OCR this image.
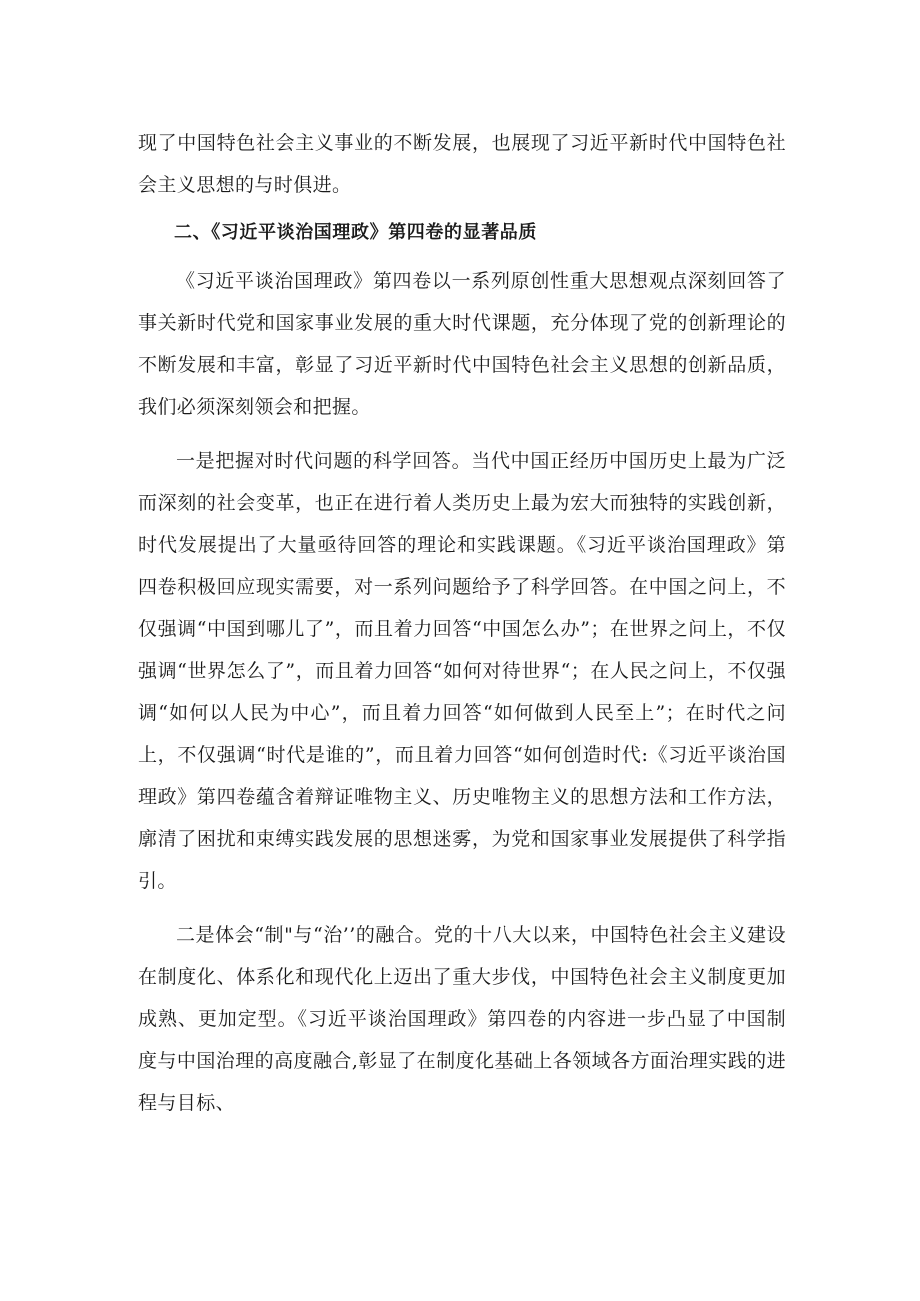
现了中国特色社会主义事业的不断发展，也展现了习近平新时代中国特色社会主义思想的与时俱进。

二、《习近平谈治国理政》第四卷的显著品质

《习近平谈治国理政》第四卷以一系列原创性重大思想观点深刻回答了事关新时代党和国家事业发展的重大时代课题，充分体现了党的创新理论的不断发展和丰富，彰显了习近平新时代中国特色社会主义思想的创新品质，我们必须深刻领会和把握。

一是把握对时代问题的科学回答。当代中国正经历中国历史上最为广泛而深刻的社会变革，也正在进行着人类历史上最为宏大而独特的实践创新，时代发展提出了大量亟待回答的理论和实践课题。《习近平谈治国理政》第四卷积极回应现实需要，对一系列问题给予了科学回答。在中国之问上，不仅强调“中国到哪儿了”，而且着力回答“中国怎么办”；在世界之问上，不仅强调“世界怎么了”，而且着力回答“如何对待世界“；在人民之问上，不仅强调“如何以人民为中心”，而且着力回答“如何做到人民至上”；在时代之问上，不仅强调“时代是谁的”，而且着力回答“如何创造时代:《习近平谈治国理政》第四卷蕴含着辩证唯物主义、历史唯物主义的思想方法和工作方法，廓清了困扰和束缚实践发展的思想迷雾，为党和国家事业发展提供了科学指引。

二是体会“制"与“治’’的融合。党的十八大以来，中国特色社会主义建设在制度化、体系化和现代化上迈出了重大步伐，中国特色社会主义制度更加成熟、更加定型。《习近平谈治国理政》第四卷的内容进一步凸显了中国制度与中国治理的高度融合,彰显了在制度化基础上各领域各方面治理实践的进程与目标、
